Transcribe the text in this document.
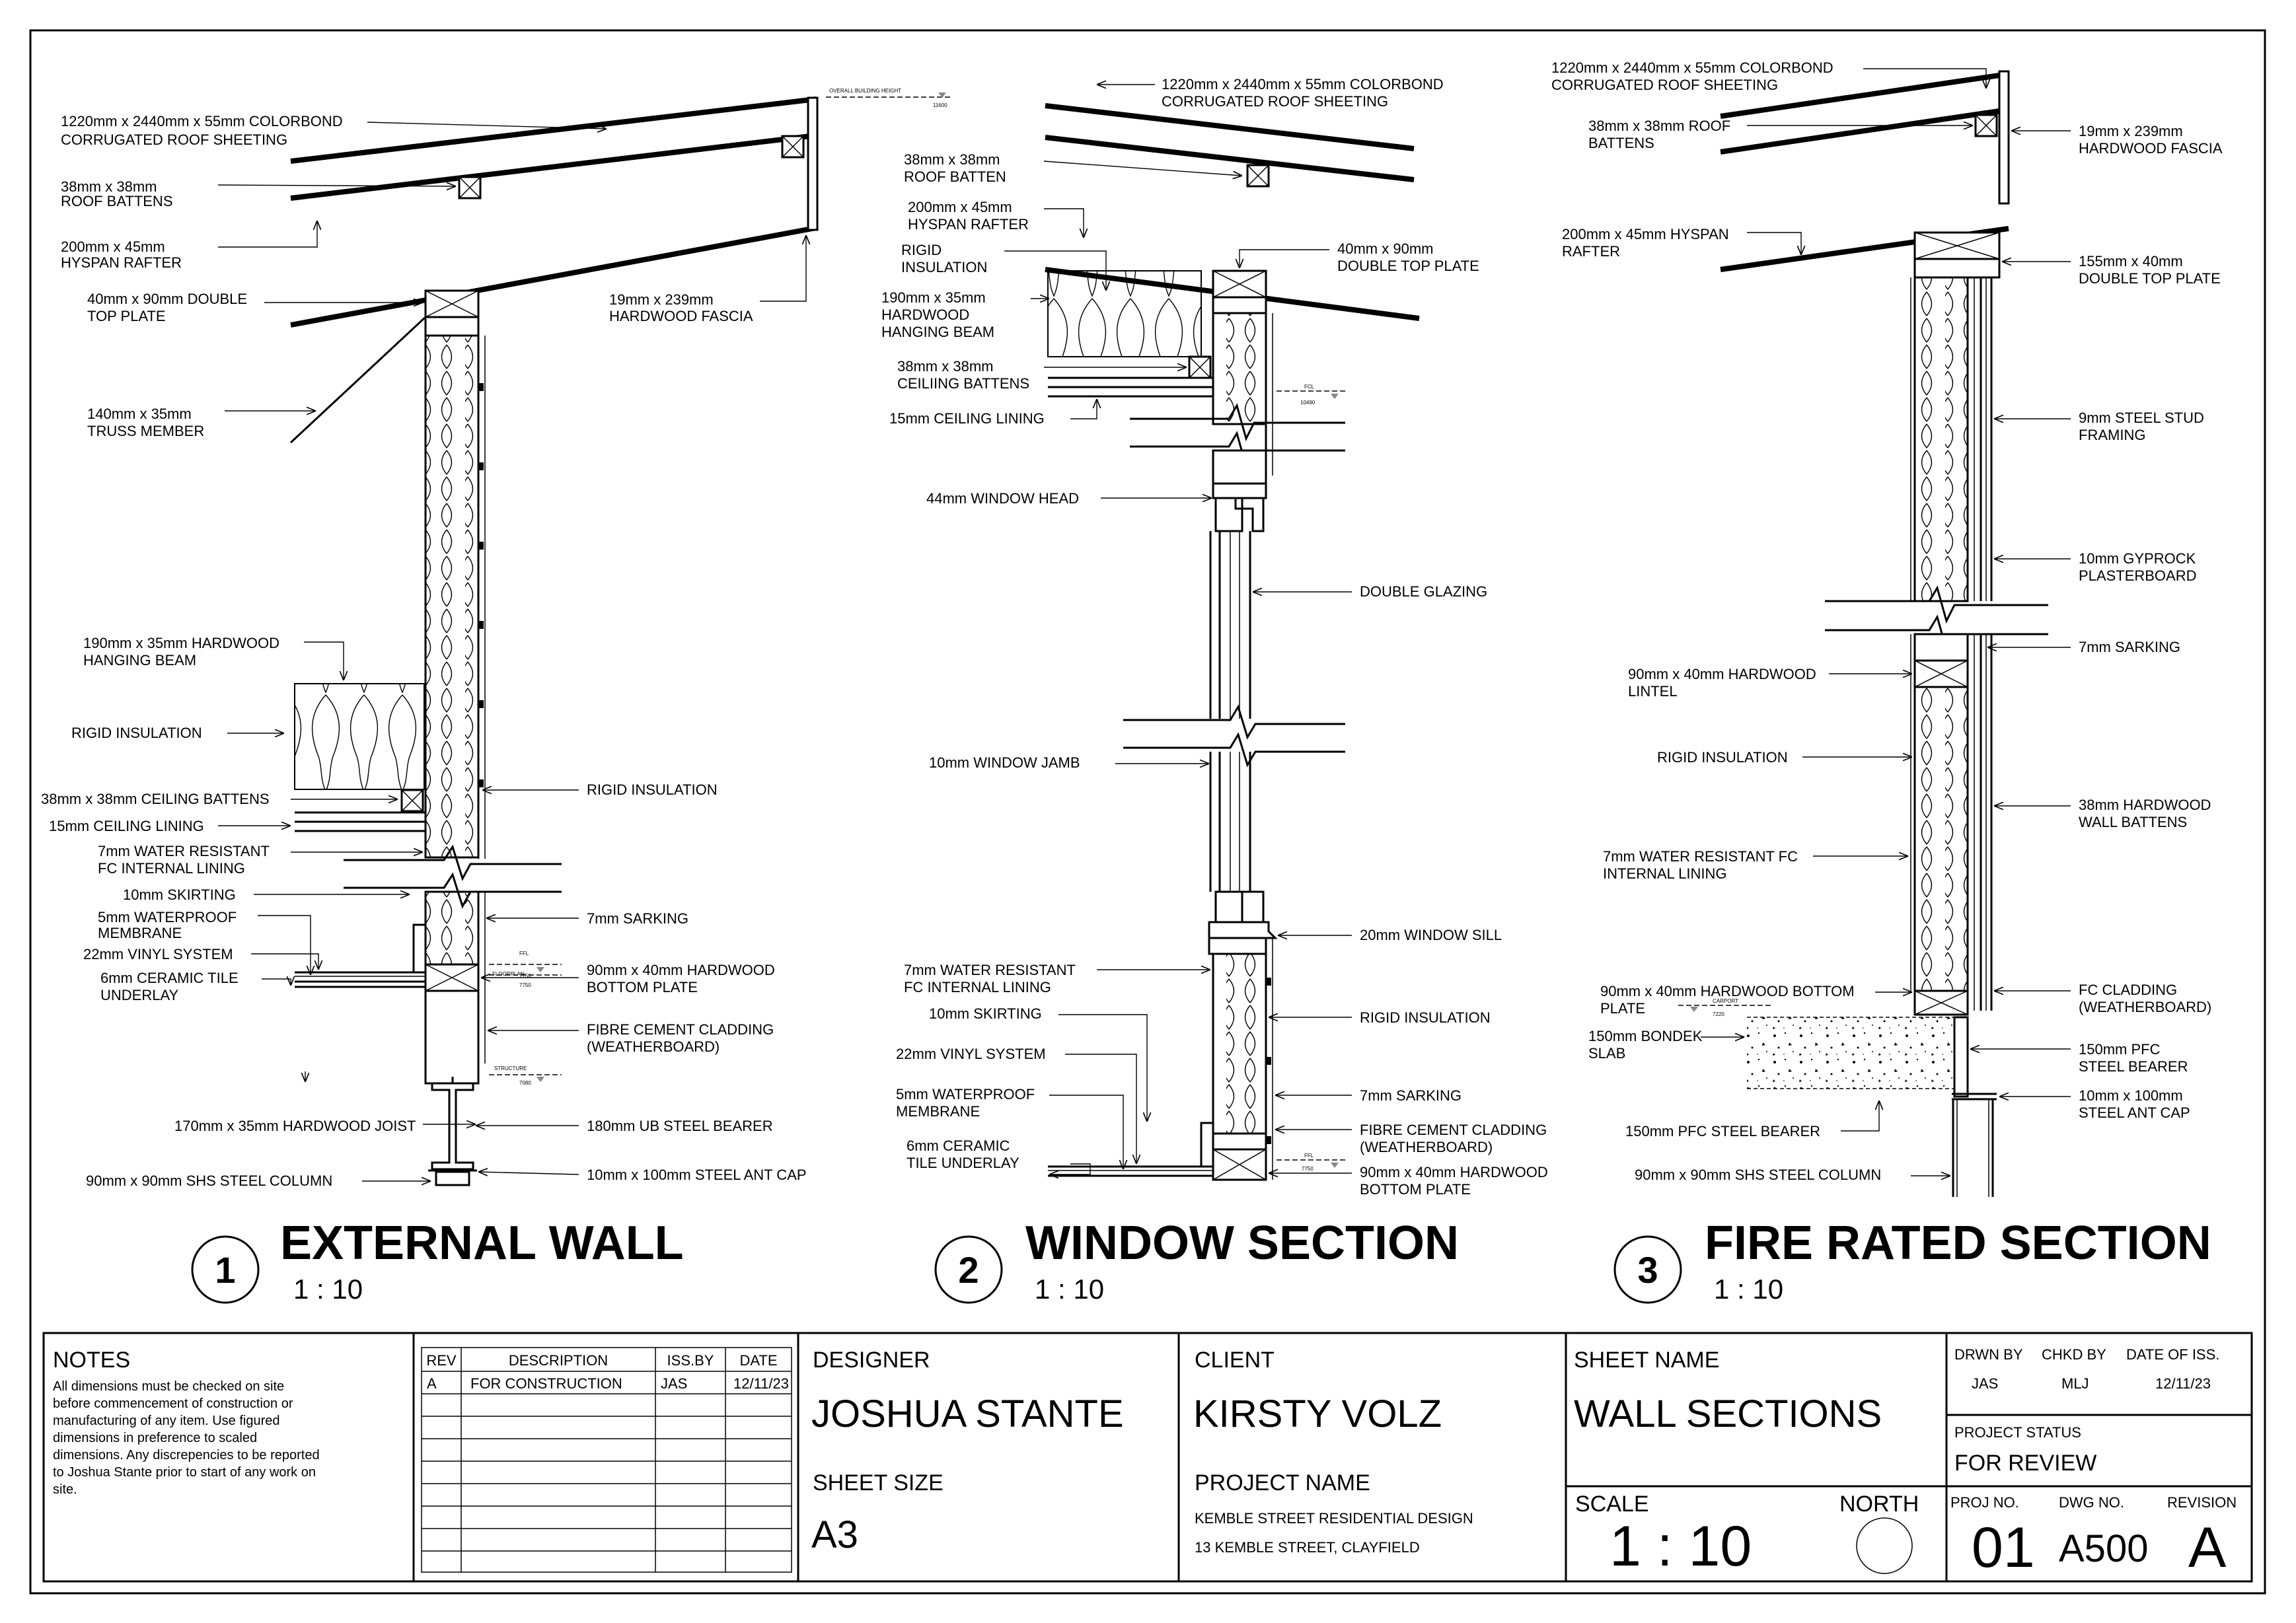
OVERALL BUILDING HEIGHT
11600
FFL
7750
FLOORPLAN
7750
STRUCTURE
7080
1220mm x 2440mm x 55mm COLORBOND
CORRUGATED ROOF SHEETING
38mm x 38mm
ROOF BATTENS
200mm x 45mm
HYSPAN RAFTER
40mm x 90mm DOUBLE
TOP PLATE
140mm x 35mm
TRUSS MEMBER
190mm x 35mm HARDWOOD
HANGING BEAM
RIGID INSULATION
38mm x 38mm CEILING BATTENS
15mm CEILING LINING
7mm WATER RESISTANT
FC INTERNAL LINING
10mm SKIRTING
5mm WATERPROOF
MEMBRANE
22mm VINYL SYSTEM
6mm CERAMIC TILE
UNDERLAY
170mm x 35mm HARDWOOD JOIST
90mm x 90mm SHS STEEL COLUMN
19mm x 239mm
HARDWOOD FASCIA
RIGID INSULATION
7mm SARKING
90mm x 40mm HARDWOOD
BOTTOM PLATE
FIBRE CEMENT CLADDING
(WEATHERBOARD)
180mm UB STEEL BEARER
10mm x 100mm STEEL ANT CAP
1
EXTERNAL WALL
1 : 10
FCL
10490
FFL
7750
1220mm x 2440mm x 55mm COLORBOND
CORRUGATED ROOF SHEETING
40mm x 90mm
DOUBLE TOP PLATE
DOUBLE GLAZING
20mm WINDOW SILL
RIGID INSULATION
7mm SARKING
FIBRE CEMENT CLADDING
(WEATHERBOARD)
90mm x 40mm HARDWOOD
BOTTOM PLATE
38mm x 38mm
ROOF BATTEN
200mm x 45mm
HYSPAN RAFTER
RIGID
INSULATION
190mm x 35mm
HARDWOOD
HANGING BEAM
38mm x 38mm
CEILIING BATTENS
15mm CEILING LINING
44mm WINDOW HEAD
10mm WINDOW JAMB
7mm WATER RESISTANT
FC INTERNAL LINING
10mm SKIRTING
22mm VINYL SYSTEM
5mm WATERPROOF
MEMBRANE
6mm CERAMIC
TILE UNDERLAY
2
WINDOW SECTION
1 : 10
CARPORT
7220
1220mm x 2440mm x 55mm COLORBOND
CORRUGATED ROOF SHEETING
38mm x 38mm ROOF
BATTENS
200mm x 45mm HYSPAN
RAFTER
90mm x 40mm HARDWOOD
LINTEL
RIGID INSULATION
7mm WATER RESISTANT FC
INTERNAL LINING
90mm x 40mm HARDWOOD BOTTOM
PLATE
150mm BONDEK
SLAB
150mm PFC STEEL BEARER
90mm x 90mm SHS STEEL COLUMN
19mm x 239mm
HARDWOOD FASCIA
155mm x 40mm
DOUBLE TOP PLATE
9mm STEEL STUD
FRAMING
10mm GYPROCK
PLASTERBOARD
7mm SARKING
38mm HARDWOOD
WALL BATTENS
FC CLADDING
(WEATHERBOARD)
150mm PFC
STEEL BEARER
10mm x 100mm
STEEL ANT CAP
3
FIRE RATED SECTION
1 : 10
NOTES
All dimensions must be checked on site
before commencement of construction or
manufacturing of any item. Use figured
dimensions in preference to scaled
dimensions. Any discrepencies to be reported
to Joshua Stante prior to start of any work on
site.
REV	DESCRIPTION	ISS.BY DATE
A FOR CONSTRUCTION	JAS	12/11/23
DESIGNER
JOSHUA STANTE
SHEET SIZE
A3
CLIENT
KIRSTY VOLZ
PROJECT NAME
KEMBLE STREET RESIDENTIAL DESIGN
13 KEMBLE STREET, CLAYFIELD
SHEET NAME
WALL SECTIONS
SCALE
1 : 10
NORTH
DRWN BY CHKD BY DATE OF ISS.
JAS	MLJ	12/11/23
PROJECT STATUS
FOR REVIEW
PROJ NO.	DWG NO.	REVISION
01 A500 A
